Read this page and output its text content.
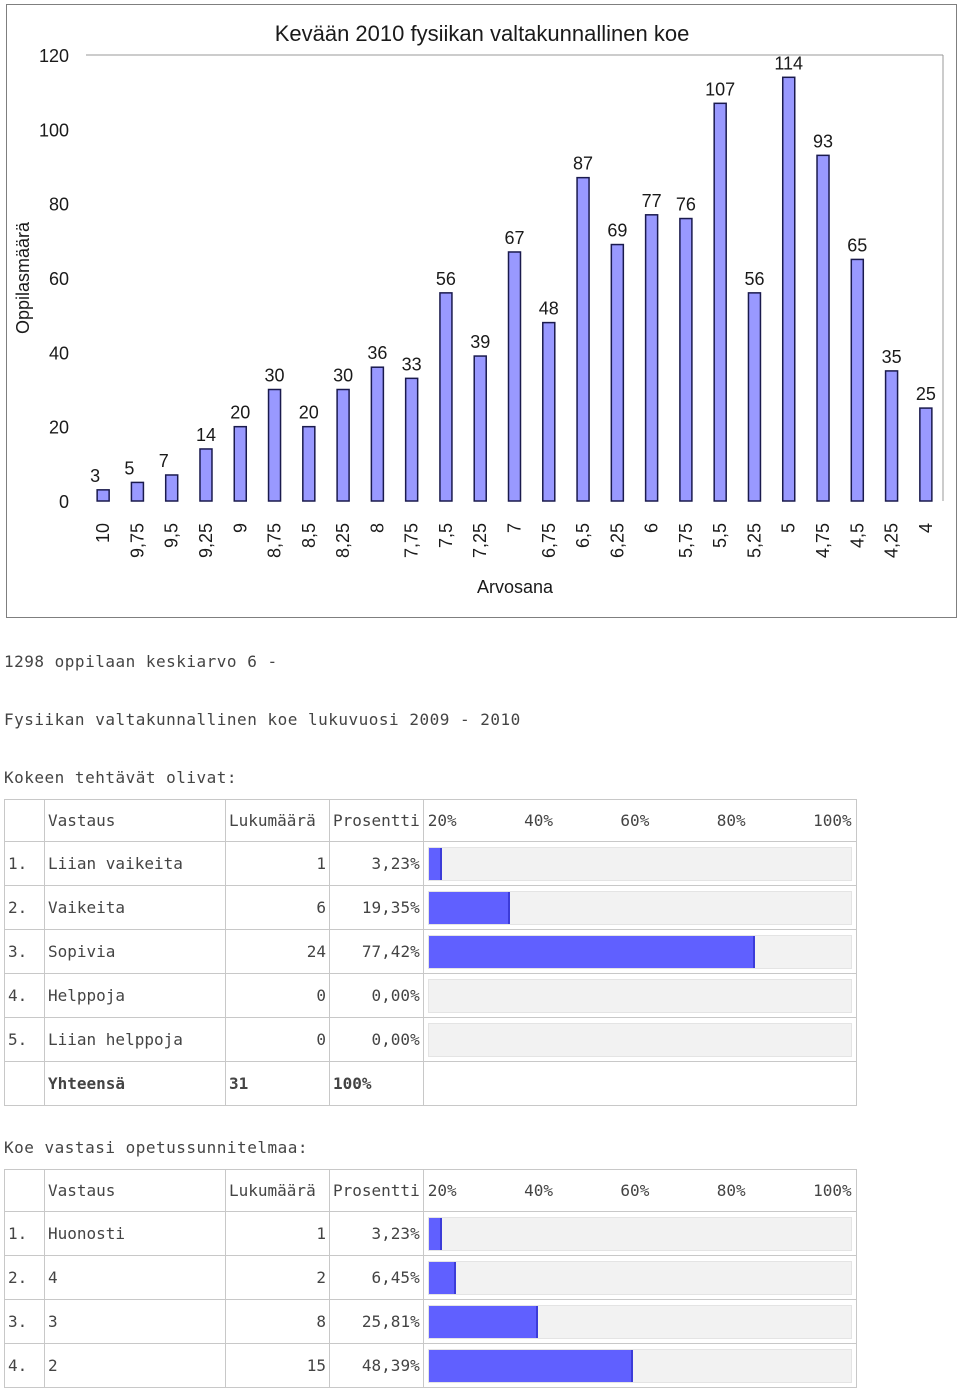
Kevään 2010 fysiikan valtakunnallinen koe
0
20
40
60
80
100
120
Oppilasmäärä
3
10
5
9,75
7
9,5
14
9,25
20
9
30
8,75
20
8,5
30
8,25
36
8
33
7,75
56
7,5
39
7,25
67
7
48
6,75
87
6,5
69
6,25
77
6
76
5,75
107
5,5
56
5,25
114
5
93
4,75
65
4,5
35
4,25
25
4
Arvosana
1298 oppilaan keskiarvo 6 -
Fysiikan valtakunnallinen koe lukuvuosi 2009 - 2010
Kokeen tehtävät olivat:
	Vastaus	Lukumäärä	Prosentti	20% 40% 60% 80% 100%

1.	Liian vaikeita	1	3,23%	

2.	Vaikeita	6	19,35%	

3.	Sopivia	24	77,42%	

4.	Helppoja	0	0,00%	

5.	Liian helppoja	0	0,00%	

	Yhteensä	31	100%	
Koe vastasi opetussunnitelmaa:
	Vastaus	Lukumäärä	Prosentti	20% 40% 60% 80% 100%

1.	Huonosti	1	3,23%	

2.	4	2	6,45%	

3.	3	8	25,81%	

4.	2	15	48,39%	
